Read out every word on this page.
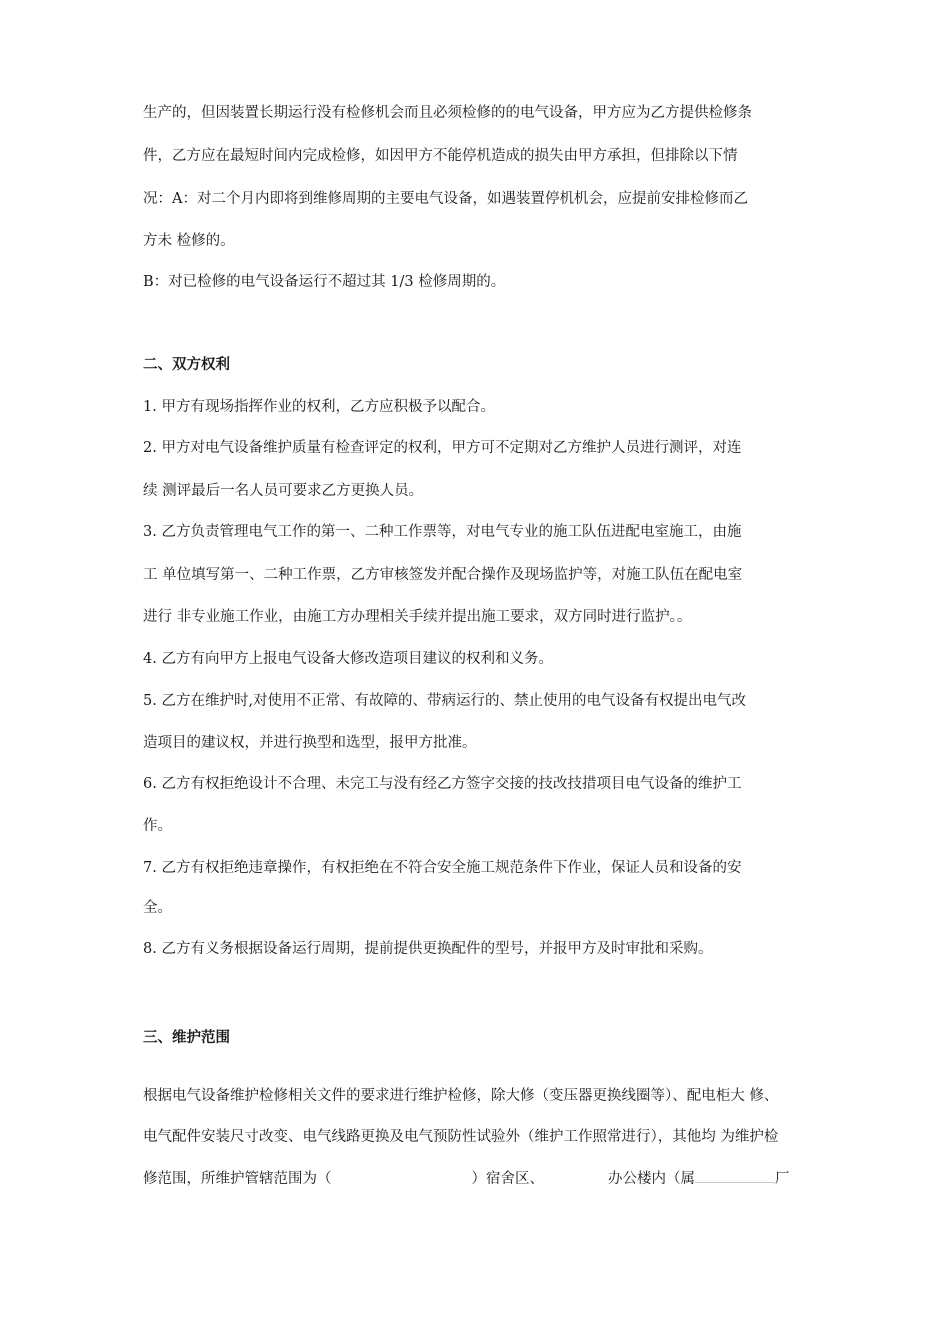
生产的，但因装置长期运行没有检修机会而且必须检修的的电气设备，甲方应为乙方提供检修条
件，乙方应在最短时间内完成检修，如因甲方不能停机造成的损失由甲方承担，但排除以下情
况：A：对二个月内即将到维修周期的主要电气设备，如遇装置停机机会，应提前安排检修而乙
方未 检修的。
B：对已检修的电气设备运行不超过其 1/3 检修周期的。
二、双方权利
1. 甲方有现场指挥作业的权利，乙方应积极予以配合。
2. 甲方对电气设备维护质量有检查评定的权利，甲方可不定期对乙方维护人员进行测评，对连
续 测评最后一名人员可要求乙方更换人员。
3. 乙方负责管理电气工作的第一、二种工作票等，对电气专业的施工队伍进配电室施工，由施
工 单位填写第一、二种工作票，乙方审核签发并配合操作及现场监护等，对施工队伍在配电室
进行 非专业施工作业，由施工方办理相关手续并提出施工要求，双方同时进行监护。。
4. 乙方有向甲方上报电气设备大修改造项目建议的权利和义务。
5. 乙方在维护时,对使用不正常、有故障的、带病运行的、禁止使用的电气设备有权提出电气改
造项目的建议权，并进行换型和选型，报甲方批准。
6. 乙方有权拒绝设计不合理、未完工与没有经乙方签字交接的技改技措项目电气设备的维护工
作。
7. 乙方有权拒绝违章操作，有权拒绝在不符合安全施工规范条件下作业，保证人员和设备的安
全。
8. 乙方有义务根据设备运行周期，提前提供更换配件的型号，并报甲方及时审批和采购。
三、维护范围
根据电气设备维护检修相关文件的要求进行维护检修，除大修（变压器更换线圈等）、配电柜大 修、
电气配件安装尺寸改变、电气线路更换及电气预防性试验外（维护工作照常进行），其他均 为维护检
修范围，所维护管辖范围为（	）宿舍区、	办公楼内（属	厂
